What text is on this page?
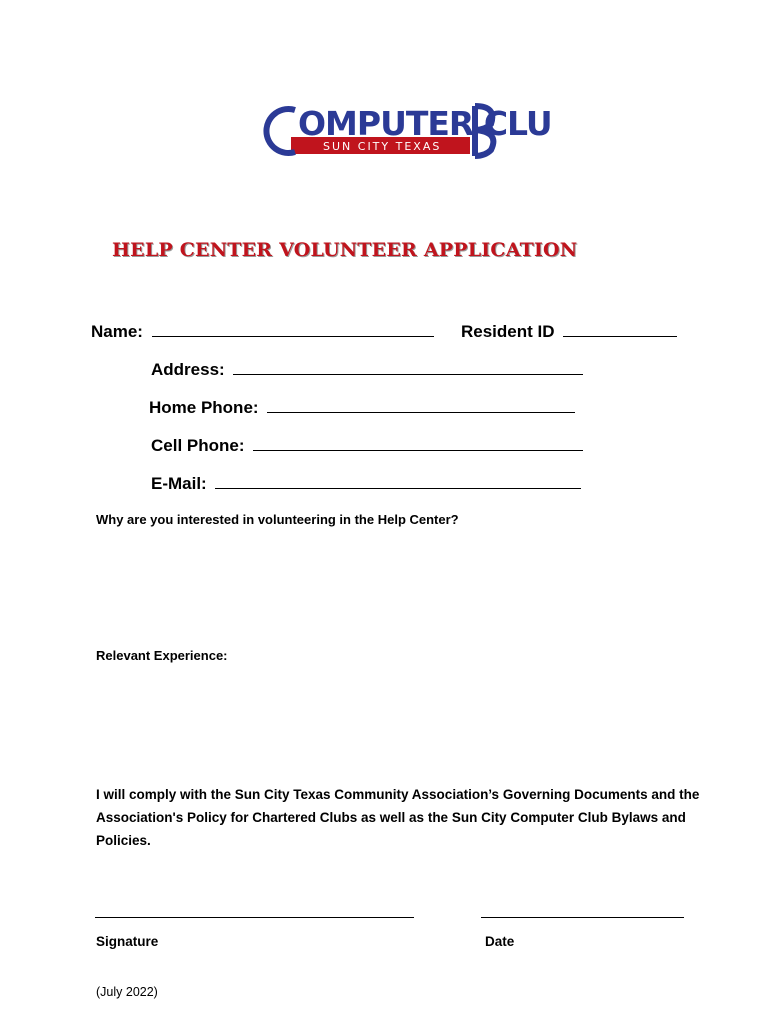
SUN CITY TEXAS
OMPUTER CLU
HELP CENTER VOLUNTEER APPLICATION
Name:	Resident ID
Address:
Home Phone:
Cell Phone:
E-Mail:
Why are you interested in volunteering in the Help Center?
Relevant Experience:
I will comply with the Sun City Texas Community Association’s Governing Documents and the Association's Policy for Chartered Clubs as well as the Sun City Computer Club Bylaws and Policies.
Signature	Date
(July 2022)
